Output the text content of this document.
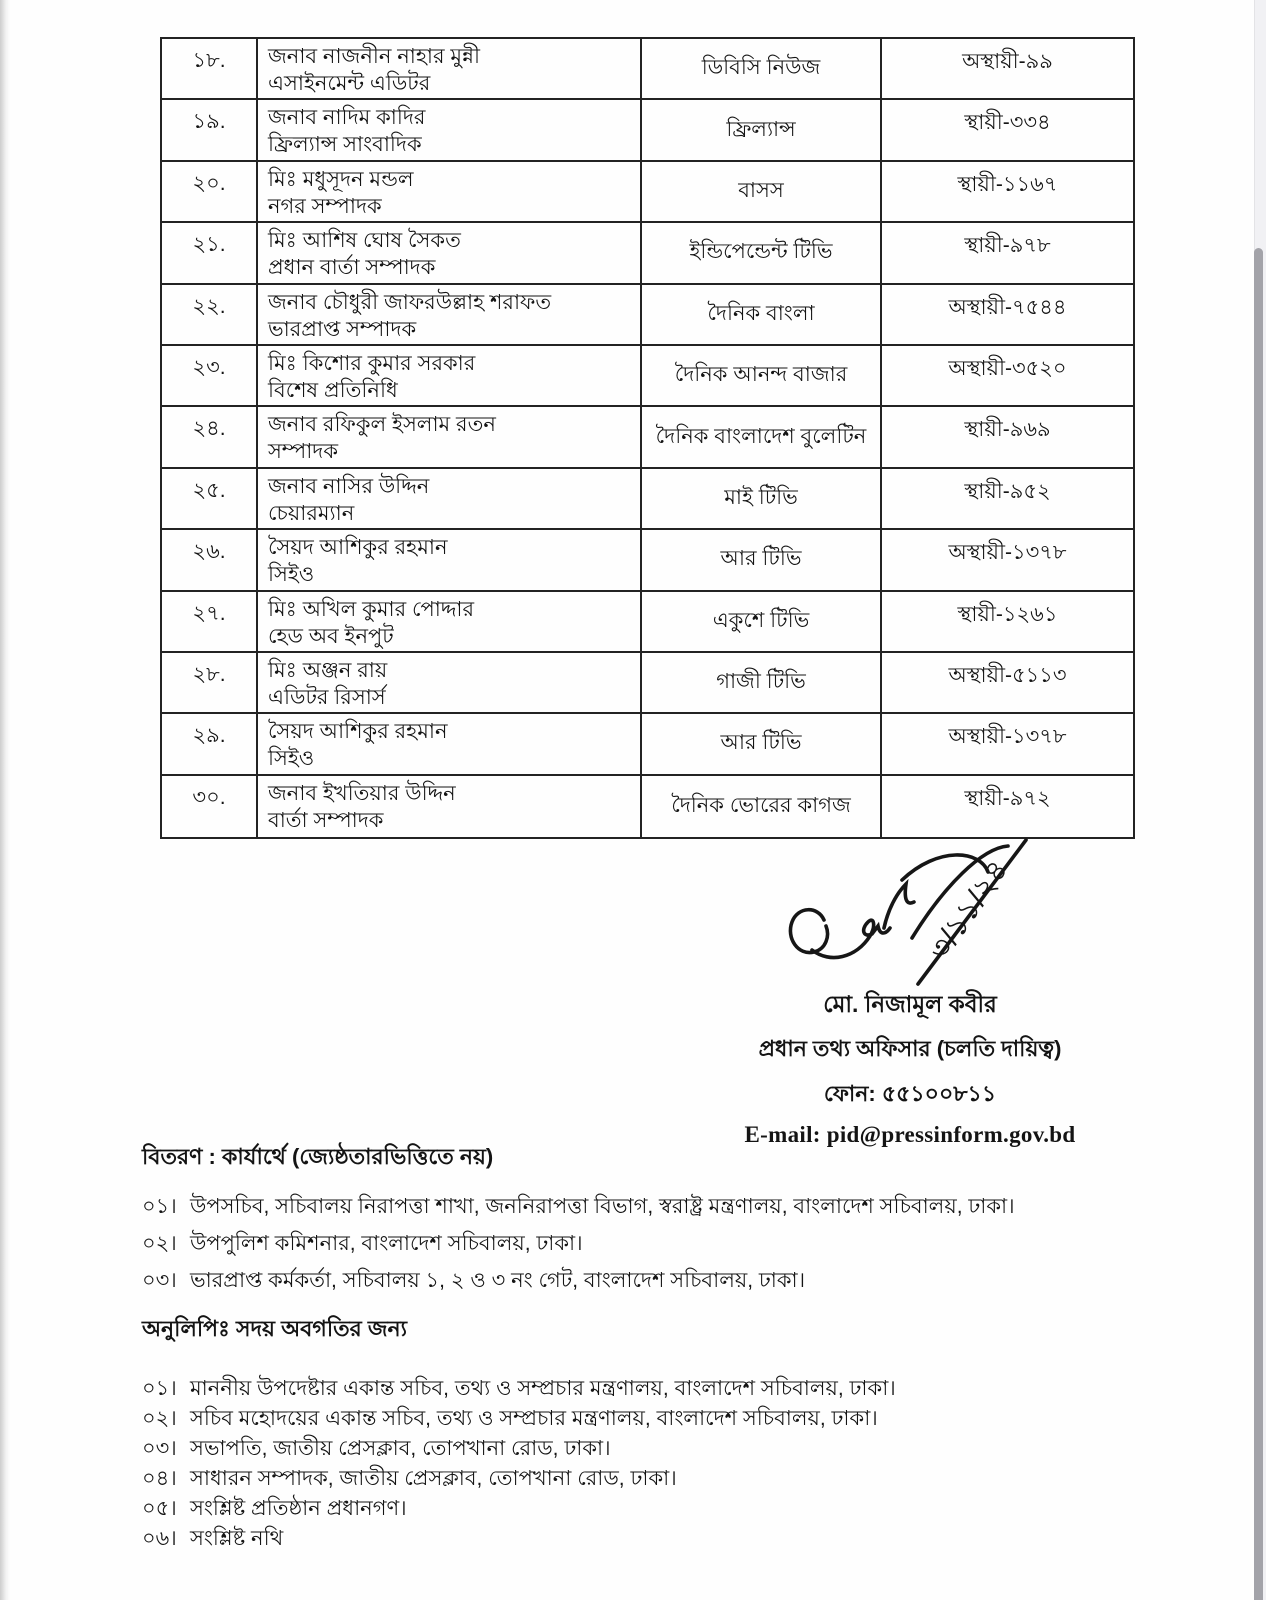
১৮.	জনাব নাজনীন নাহার মুন্নী
এসাইনমেন্ট এডিটর
ডিবিসি নিউজ	অস্থায়ী-৯৯
১৯.	জনাব নাদিম কাদির
ফ্রিল্যান্স সাংবাদিক
ফ্রিল্যান্স	স্থায়ী-৩৩৪
২০.	মিঃ মধুসূদন মন্ডল
নগর সম্পাদক
বাসস	স্থায়ী-১১৬৭
২১.	মিঃ আশিষ ঘোষ সৈকত
প্রধান বার্তা সম্পাদক
ইন্ডিপেন্ডেন্ট টিভি	স্থায়ী-৯৭৮
২২.	জনাব চৌধুরী জাফরউল্লাহ শরাফত
ভারপ্রাপ্ত সম্পাদক
দৈনিক বাংলা	অস্থায়ী-৭৫৪৪
২৩.	মিঃ কিশোর কুমার সরকার
বিশেষ প্রতিনিধি
দৈনিক আনন্দ বাজার	অস্থায়ী-৩৫২০
২৪.	জনাব রফিকুল ইসলাম রতন
সম্পাদক
দৈনিক বাংলাদেশ বুলেটিন	স্থায়ী-৯৬৯
২৫.	জনাব নাসির উদ্দিন
চেয়ারম্যান
মাই টিভি	স্থায়ী-৯৫২
২৬.	সৈয়দ আশিকুর রহমান
সিইও
আর টিভি	অস্থায়ী-১৩৭৮
২৭.	মিঃ অখিল কুমার পোদ্দার
হেড অব ইনপুট
একুশে টিভি	স্থায়ী-১২৬১
২৮.	মিঃ অঞ্জন রায়
এডিটর রিসার্স
গাজী টিভি	অস্থায়ী-৫১১৩
২৯.	সৈয়দ আশিকুর রহমান
সিইও
আর টিভি	অস্থায়ী-১৩৭৮
৩০.	জনাব ইখতিয়ার উদ্দিন
বার্তা সম্পাদক
দৈনিক ভোরের কাগজ	স্থায়ী-৯৭২
৩/১১/২৪
মো. নিজামূল কবীর
প্রধান তথ্য অফিসার (চলতি দায়িত্ব)
ফোন: ৫৫১০০৮১১
E-mail: pid@pressinform.gov.bd
বিতরণ : কার্যার্থে (জ্যেষ্ঠতারভিত্তিতে নয়)
০১। উপসচিব, সচিবালয় নিরাপত্তা শাখা, জননিরাপত্তা বিভাগ, স্বরাষ্ট্র মন্ত্রণালয়, বাংলাদেশ সচিবালয়, ঢাকা।
০২। উপপুলিশ কমিশনার, বাংলাদেশ সচিবালয়, ঢাকা।
০৩। ভারপ্রাপ্ত কর্মকর্তা, সচিবালয় ১, ২ ও ৩ নং গেট, বাংলাদেশ সচিবালয়, ঢাকা।
অনুলিপিঃ সদয় অবগতির জন্য
০১। মাননীয় উপদেষ্টার একান্ত সচিব, তথ্য ও সম্প্রচার মন্ত্রণালয়, বাংলাদেশ সচিবালয়, ঢাকা।
০২। সচিব মহোদয়ের একান্ত সচিব, তথ্য ও সম্প্রচার মন্ত্রণালয়, বাংলাদেশ সচিবালয়, ঢাকা।
০৩। সভাপতি, জাতীয় প্রেসক্লাব, তোপখানা রোড, ঢাকা।
০৪। সাধারন সম্পাদক, জাতীয় প্রেসক্লাব, তোপখানা রোড, ঢাকা।
০৫। সংশ্লিষ্ট প্রতিষ্ঠান প্রধানগণ।
০৬। সংশ্লিষ্ট নথি
